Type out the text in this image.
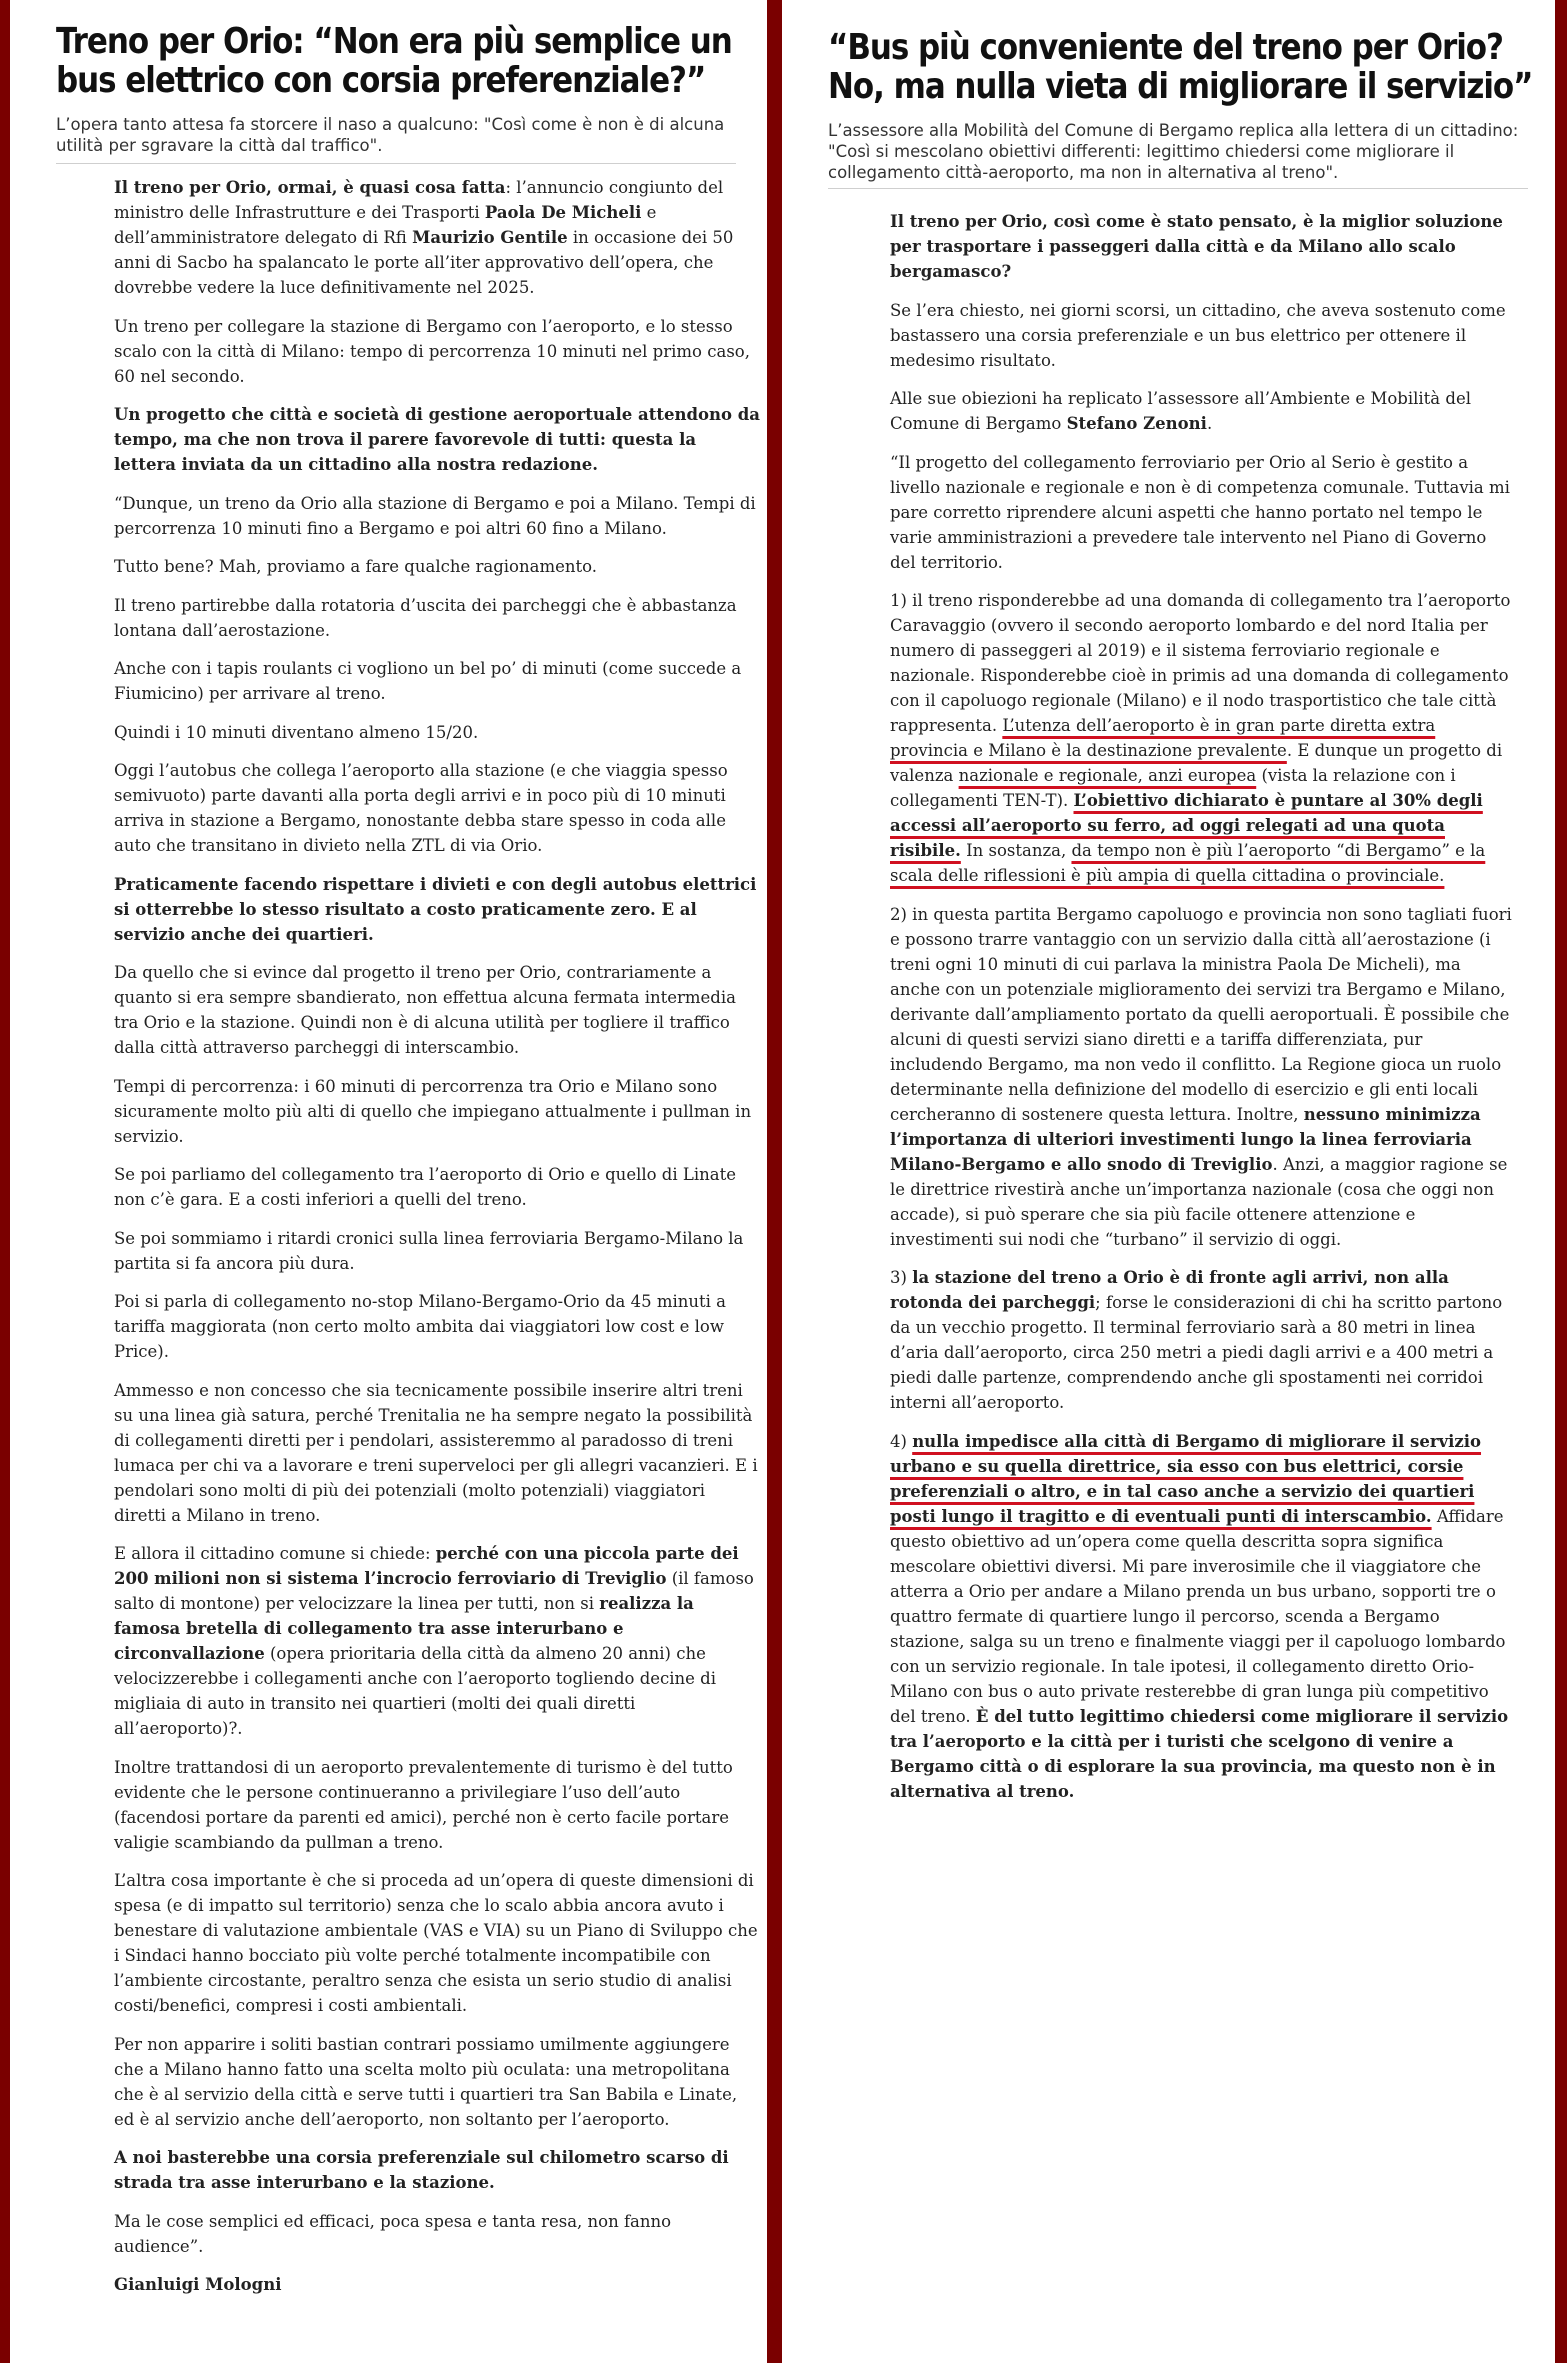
Treno per Orio: “Non era più semplice un
bus elettrico con corsia preferenziale?”

L’opera tanto attesa fa storcere il naso a qualcuno: "Così come è non è di alcuna utilità per sgravare la città dal traffico".

Il treno per Orio, ormai, è quasi cosa fatta: l’annuncio congiunto del ministro delle Infrastrutture e dei Trasporti Paola De Micheli e dell’amministratore delegato di Rfi Maurizio Gentile in occasione dei 50 anni di Sacbo ha spalancato le porte all’iter approvativo dell’opera, che dovrebbe vedere la luce definitivamente nel 2025.

Un treno per collegare la stazione di Bergamo con l’aeroporto, e lo stesso scalo con la città di Milano: tempo di percorrenza 10 minuti nel primo caso, 60 nel secondo.

Un progetto che città e società di gestione aeroportuale attendono da tempo, ma che non trova il parere favorevole di tutti: questa la lettera inviata da un cittadino alla nostra redazione.

“Dunque, un treno da Orio alla stazione di Bergamo e poi a Milano. Tempi di percorrenza 10 minuti fino a Bergamo e poi altri 60 fino a Milano.

Tutto bene? Mah, proviamo a fare qualche ragionamento.

Il treno partirebbe dalla rotatoria d’uscita dei parcheggi che è abbastanza lontana dall’aerostazione.

Anche con i tapis roulants ci vogliono un bel po’ di minuti (come succede a Fiumicino) per arrivare al treno.

Quindi i 10 minuti diventano almeno 15/20.

Oggi l’autobus che collega l’aeroporto alla stazione (e che viaggia spesso semivuoto) parte davanti alla porta degli arrivi e in poco più di 10 minuti arriva in stazione a Bergamo, nonostante debba stare spesso in coda alle auto che transitano in divieto nella ZTL di via Orio.

Praticamente facendo rispettare i divieti e con degli autobus elettrici si otterrebbe lo stesso risultato a costo praticamente zero. E al servizio anche dei quartieri.

Da quello che si evince dal progetto il treno per Orio, contrariamente a quanto si era sempre sbandierato, non effettua alcuna fermata intermedia tra Orio e la stazione. Quindi non è di alcuna utilità per togliere il traffico dalla città attraverso parcheggi di interscambio.

Tempi di percorrenza: i 60 minuti di percorrenza tra Orio e Milano sono sicuramente molto più alti di quello che impiegano attualmente i pullman in servizio.

Se poi parliamo del collegamento tra l’aeroporto di Orio e quello di Linate non c’è gara. E a costi inferiori a quelli del treno.

Se poi sommiamo i ritardi cronici sulla linea ferroviaria Bergamo-Milano la partita si fa ancora più dura.

Poi si parla di collegamento no-stop Milano-Bergamo-Orio da 45 minuti a tariffa maggiorata (non certo molto ambita dai viaggiatori low cost e low Price).

Ammesso e non concesso che sia tecnicamente possibile inserire altri treni su una linea già satura, perché Trenitalia ne ha sempre negato la possibilità di collegamenti diretti per i pendolari, assisteremmo al paradosso di treni lumaca per chi va a lavorare e treni superveloci per gli allegri vacanzieri. E i pendolari sono molti di più dei potenziali (molto potenziali) viaggiatori diretti a Milano in treno.

E allora il cittadino comune si chiede: perché con una piccola parte dei 200 milioni non si sistema l’incrocio ferroviario di Treviglio (il famoso salto di montone) per velocizzare la linea per tutti, non si realizza la famosa bretella di collegamento tra asse interurbano e circonvallazione (opera prioritaria della città da almeno 20 anni) che velocizzerebbe i collegamenti anche con l’aeroporto togliendo decine di migliaia di auto in transito nei quartieri (molti dei quali diretti all’aeroporto)?.

Inoltre trattandosi di un aeroporto prevalentemente di turismo è del tutto evidente che le persone continueranno a privilegiare l’uso dell’auto (facendosi portare da parenti ed amici), perché non è certo facile portare valigie scambiando da pullman a treno.

L’altra cosa importante è che si proceda ad un’opera di queste dimensioni di spesa (e di impatto sul territorio) senza che lo scalo abbia ancora avuto i benestare di valutazione ambientale (VAS e VIA) su un Piano di Sviluppo che i Sindaci hanno bocciato più volte perché totalmente incompatibile con l’ambiente circostante, peraltro senza che esista un serio studio di analisi costi/benefici, compresi i costi ambientali.

Per non apparire i soliti bastian contrari possiamo umilmente aggiungere che a Milano hanno fatto una scelta molto più oculata: una metropolitana che è al servizio della città e serve tutti i quartieri tra San Babila e Linate, ed è al servizio anche dell’aeroporto, non soltanto per l’aeroporto.

A noi basterebbe una corsia preferenziale sul chilometro scarso di strada tra asse interurbano e la stazione.

Ma le cose semplici ed efficaci, poca spesa e tanta resa, non fanno audience”.

Gianluigi Mologni

“Bus più conveniente del treno per Orio?
No, ma nulla vieta di migliorare il servizio”

L’assessore alla Mobilità del Comune di Bergamo replica alla lettera di un cittadino: "Così si mescolano obiettivi differenti: legittimo chiedersi come migliorare il collegamento città-aeroporto, ma non in alternativa al treno".

Il treno per Orio, così come è stato pensato, è la miglior soluzione per trasportare i passeggeri dalla città e da Milano allo scalo bergamasco?

Se l’era chiesto, nei giorni scorsi, un cittadino, che aveva sostenuto come bastassero una corsia preferenziale e un bus elettrico per ottenere il medesimo risultato.

Alle sue obiezioni ha replicato l’assessore all’Ambiente e Mobilità del Comune di Bergamo Stefano Zenoni.

“Il progetto del collegamento ferroviario per Orio al Serio è gestito a livello nazionale e regionale e non è di competenza comunale. Tuttavia mi pare corretto riprendere alcuni aspetti che hanno portato nel tempo le varie amministrazioni a prevedere tale intervento nel Piano di Governo del territorio.

1) il treno risponderebbe ad una domanda di collegamento tra l’aeroporto Caravaggio (ovvero il secondo aeroporto lombardo e del nord Italia per numero di passeggeri al 2019) e il sistema ferroviario regionale e nazionale. Risponderebbe cioè in primis ad una domanda di collegamento con il capoluogo regionale (Milano) e il nodo trasportistico che tale città rappresenta. L’utenza dell’aeroporto è in gran parte diretta extra provincia e Milano è la destinazione prevalente. E dunque un progetto di valenza nazionale e regionale, anzi europea (vista la relazione con i collegamenti TEN-T). L’obiettivo dichiarato è puntare al 30% degli accessi all’aeroporto su ferro, ad oggi relegati ad una quota risibile. In sostanza, da tempo non è più l’aeroporto “di Bergamo” e la scala delle riflessioni è più ampia di quella cittadina o provinciale.

2) in questa partita Bergamo capoluogo e provincia non sono tagliati fuori e possono trarre vantaggio con un servizio dalla città all’aerostazione (i treni ogni 10 minuti di cui parlava la ministra Paola De Micheli), ma anche con un potenziale miglioramento dei servizi tra Bergamo e Milano, derivante dall’ampliamento portato da quelli aeroportuali. È possibile che alcuni di questi servizi siano diretti e a tariffa differenziata, pur includendo Bergamo, ma non vedo il conflitto. La Regione gioca un ruolo determinante nella definizione del modello di esercizio e gli enti locali cercheranno di sostenere questa lettura. Inoltre, nessuno minimizza l’importanza di ulteriori investimenti lungo la linea ferroviaria Milano-Bergamo e allo snodo di Treviglio. Anzi, a maggior ragione se le direttrice rivestirà anche un’importanza nazionale (cosa che oggi non accade), si può sperare che sia più facile ottenere attenzione e investimenti sui nodi che “turbano” il servizio di oggi.

3) la stazione del treno a Orio è di fronte agli arrivi, non alla rotonda dei parcheggi; forse le considerazioni di chi ha scritto partono da un vecchio progetto. Il terminal ferroviario sarà a 80 metri in linea d’aria dall’aeroporto, circa 250 metri a piedi dagli arrivi e a 400 metri a piedi dalle partenze, comprendendo anche gli spostamenti nei corridoi interni all’aeroporto.

4) nulla impedisce alla città di Bergamo di migliorare il servizio urbano e su quella direttrice, sia esso con bus elettrici, corsie preferenziali o altro, e in tal caso anche a servizio dei quartieri posti lungo il tragitto e di eventuali punti di interscambio. Affidare questo obiettivo ad un’opera come quella descritta sopra significa mescolare obiettivi diversi. Mi pare inverosimile che il viaggiatore che atterra a Orio per andare a Milano prenda un bus urbano, sopporti tre o quattro fermate di quartiere lungo il percorso, scenda a Bergamo stazione, salga su un treno e finalmente viaggi per il capoluogo lombardo con un servizio regionale. In tale ipotesi, il collegamento diretto Orio-Milano con bus o auto private resterebbe di gran lunga più competitivo del treno. È del tutto legittimo chiedersi come migliorare il servizio tra l’aeroporto e la città per i turisti che scelgono di venire a Bergamo città o di esplorare la sua provincia, ma questo non è in alternativa al treno.
